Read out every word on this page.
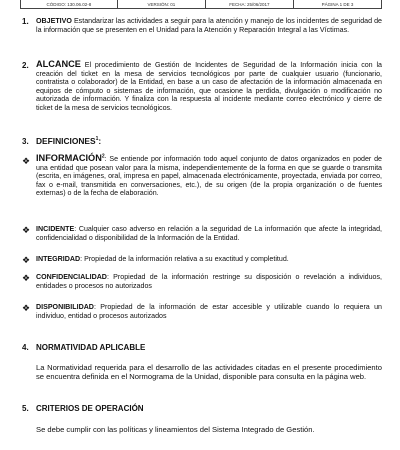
CÓDIGO: 130.06.02-8	VERSIÓN: 01	FECHA: 25/06/2017	PÁGINA 1 DE 3
1. OBJETIVO Estandarizar las actividades a seguir para la atención y manejo de los incidentes de seguridad de la información que se presenten en el Unidad para la Atención y Reparación Integral a las Víctimas.
2. ALCANCE El procedimiento de Gestión de Incidentes de Seguridad de la Información inicia con la creación del ticket en la mesa de servicios tecnológicos por parte de cualquier usuario (funcionario, contratista o colaborador) de la Entidad, en base a un caso de afectación de la información almacenada en equipos de cómputo o sistemas de información, que ocasione la perdida, divulgación o modificación no autorizada de información. Y finaliza con la respuesta al incidente mediante correo electrónico y cierre de ticket de la mesa de servicios tecnológicos.
3. DEFINICIONES$^1$:
❖ INFORMACIÓN$^2$: Se entiende por información todo aquel conjunto de datos organizados en poder de una entidad que posean valor para la misma, independientemente de la forma en que se guarde o transmita (escrita, en imágenes, oral, impresa en papel, almacenada electrónicamente, proyectada, enviada por correo, fax o e-mail, transmitida en conversaciones, etc.), de su origen (de la propia organización o de fuentes externas) o de la fecha de elaboración.
❖ INCIDENTE: Cualquier caso adverso en relación a la seguridad de La información que afecte la integridad, confidencialidad o disponibilidad de la Información de la Entidad.
❖ INTEGRIDAD: Propiedad de la información relativa a su exactitud y completitud.
❖ CONFIDENCIALIDAD: Propiedad de la información restringe su disposición o revelación a individuos, entidades o procesos no autorizados
❖ DISPONIBILIDAD: Propiedad de la información de estar accesible y utilizable cuando lo requiera un individuo, entidad o procesos autorizados
4. NORMATIVIDAD APLICABLE
La Normatividad requerida para el desarrollo de las actividades citadas en el presente procedimiento se encuentra definida en el Normograma de la Unidad, disponible para consulta en la página web.
5. CRITERIOS DE OPERACIÓN
Se debe cumplir con las políticas y lineamientos del Sistema Integrado de Gestión.
